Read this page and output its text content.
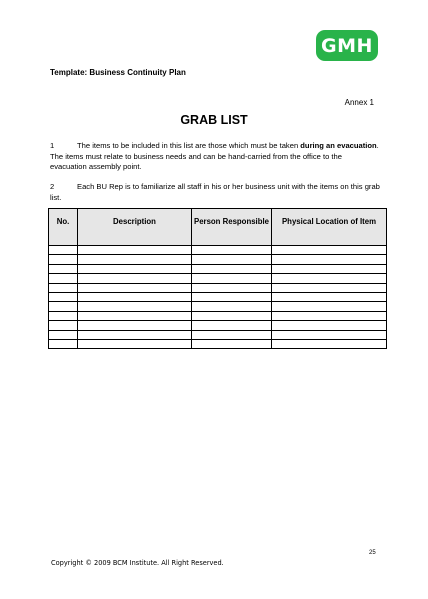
GMH
Template: Business Continuity Plan
Annex 1
GRAB LIST
1	The items to be included in this list are those which must be taken during an evacuation. The items must relate to business needs and can be hand-carried from the office to the evacuation assembly point.
2	Each BU Rep is to familiarize all staff in his or her business unit with the items on this grab list.
No.	Description	Person Responsible	Physical Location of Item

25
Copyright © 2009 BCM Institute. All Right Reserved.
